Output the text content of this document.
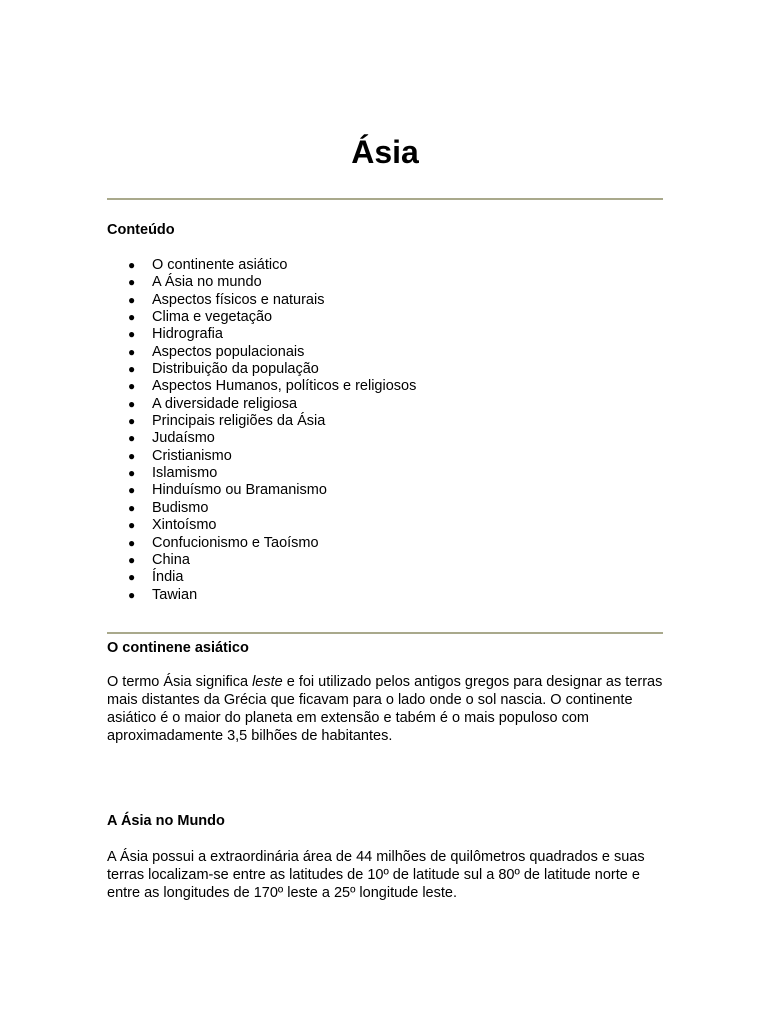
Ásia
Conteúdo
● O continente asiático
● A Ásia no mundo
● Aspectos físicos e naturais
● Clima e vegetação
● Hidrografia
● Aspectos populacionais
● Distribuição da população
● Aspectos Humanos, políticos e religiosos
● A diversidade religiosa
● Principais religiões da Ásia
● Judaísmo
● Cristianismo
● Islamismo
● Hinduísmo ou Bramanismo
● Budismo
● Xintoísmo
● Confucionismo e Taoísmo
● China
● Índia
● Tawian
O continene asiático

O termo Ásia significa leste e foi utilizado pelos antigos gregos para designar as terras mais distantes da Grécia que ficavam para o lado onde o sol nascia. O continente asiático é o maior do planeta em extensão e tabém é o mais populoso com aproximadamente 3,5 bilhões de habitantes.

A Ásia no Mundo

A Ásia possui a extraordinária área de 44 milhões de quilômetros quadrados e suas terras localizam-se entre as latitudes de 10º de latitude sul a 80º de latitude norte e entre as longitudes de 170º leste a 25º longitude leste.
